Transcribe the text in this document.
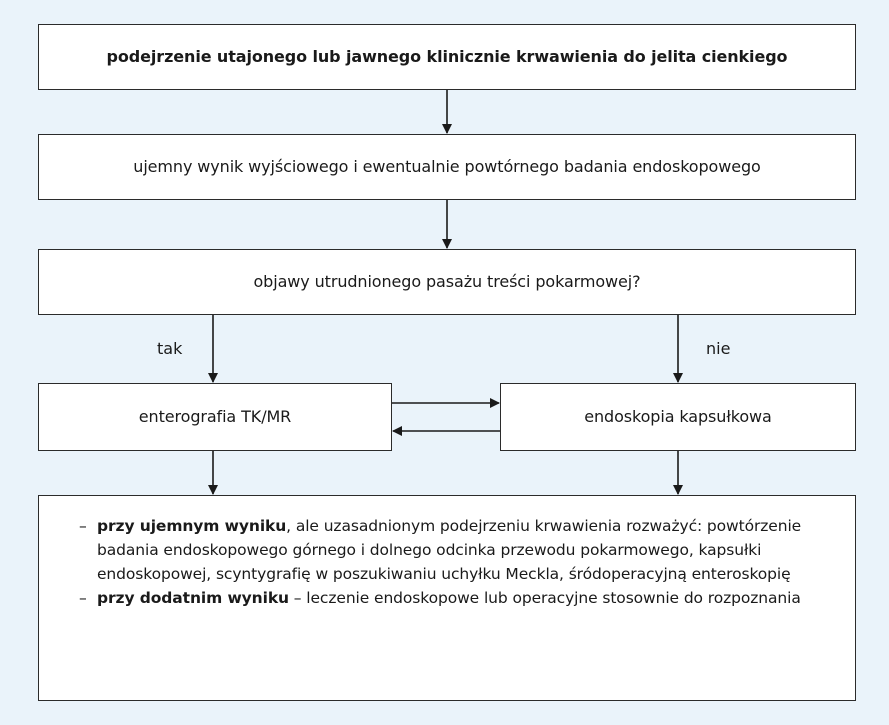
podejrzenie utajonego lub jawnego klinicznie krwawienia do jelita cienkiego
ujemny wynik wyjściowego i ewentualnie powtórnego badania endoskopowego
objawy utrudnionego pasażu treści pokarmowej?
tak	nie
enterografia TK/MR	endoskopia kapsułkowa
– przy ujemnym wyniku, ale uzasadnionym podejrzeniu krwawienia rozważyć: powtórzenie badania endoskopowego górnego i dolnego odcinka przewodu pokarmowego, kapsułki endoskopowej, scyntygrafię w poszukiwaniu uchyłku Meckla, śródoperacyjną enteroskopię
– przy dodatnim wyniku – leczenie endoskopowe lub operacyjne stosownie do rozpoznania
